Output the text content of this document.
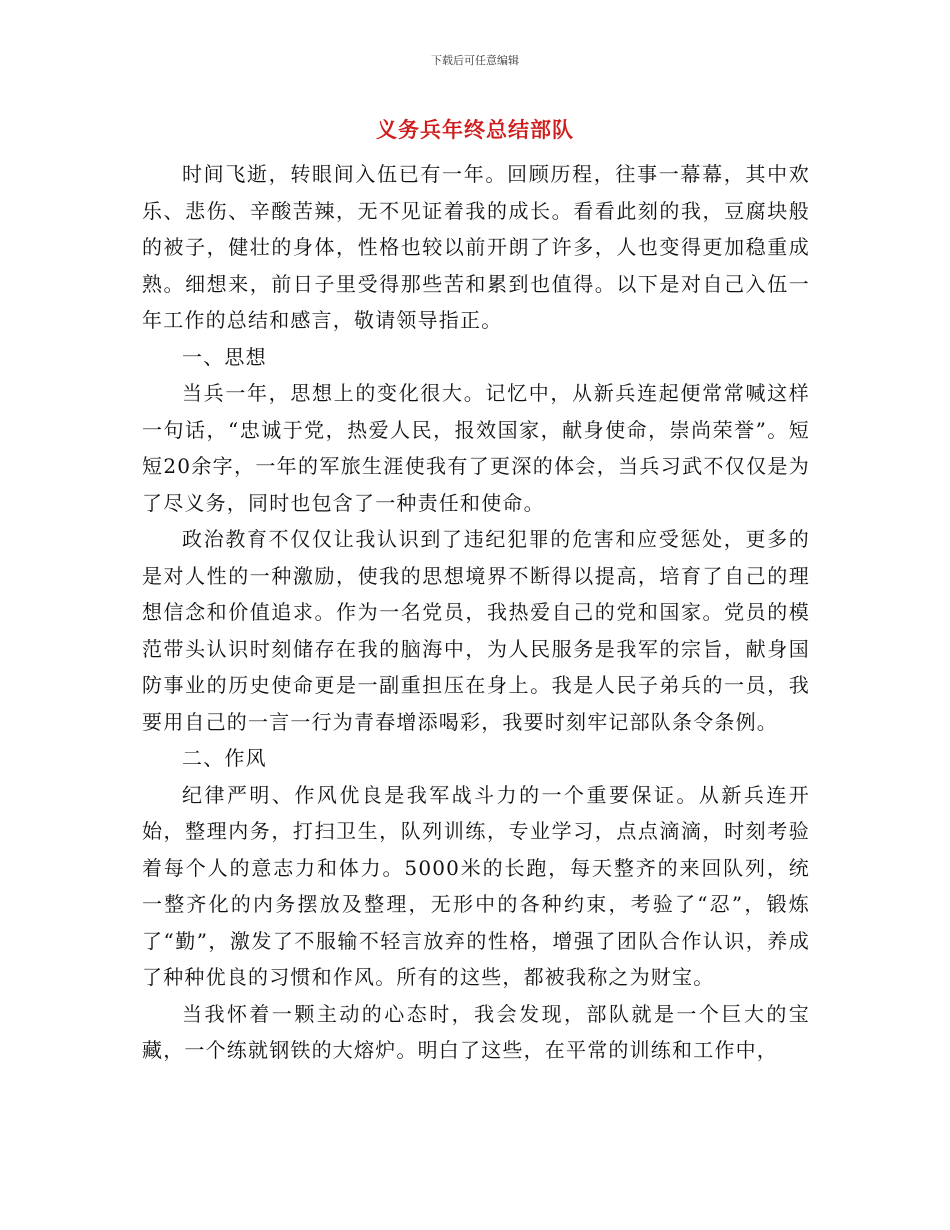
下载后可任意编辑
义务兵年终总结部队

时间飞逝，转眼间入伍已有一年。回顾历程，往事一幕幕，其中欢乐、悲伤、辛酸苦辣，无不见证着我的成长。看看此刻的我，豆腐块般的被子，健壮的身体，性格也较以前开朗了许多，人也变得更加稳重成熟。细想来，前日子里受得那些苦和累到也值得。以下是对自己入伍一年工作的总结和感言，敬请领导指正。

一、思想

当兵一年，思想上的变化很大。记忆中，从新兵连起便常常喊这样一句话，“忠诚于党，热爱人民，报效国家，献身使命，崇尚荣誉”。短短20余字，一年的军旅生涯使我有了更深的体会，当兵习武不仅仅是为了尽义务，同时也包含了一种责任和使命。

政治教育不仅仅让我认识到了违纪犯罪的危害和应受惩处，更多的是对人性的一种激励，使我的思想境界不断得以提高，培育了自己的理想信念和价值追求。作为一名党员，我热爱自己的党和国家。党员的模范带头认识时刻储存在我的脑海中，为人民服务是我军的宗旨，献身国防事业的历史使命更是一副重担压在身上。我是人民子弟兵的一员，我要用自己的一言一行为青春增添喝彩，我要时刻牢记部队条令条例。

二、作风

纪律严明、作风优良是我军战斗力的一个重要保证。从新兵连开始，整理内务，打扫卫生，队列训练，专业学习，点点滴滴，时刻考验着每个人的意志力和体力。5000米的长跑，每天整齐的来回队列，统一整齐化的内务摆放及整理，无形中的各种约束，考验了“忍”，锻炼了“勤”，激发了不服输不轻言放弃的性格，增强了团队合作认识，养成了种种优良的习惯和作风。所有的这些，都被我称之为财宝。

当我怀着一颗主动的心态时，我会发现，部队就是一个巨大的宝藏，一个练就钢铁的大熔炉。明白了这些，在平常的训练和工作中，
